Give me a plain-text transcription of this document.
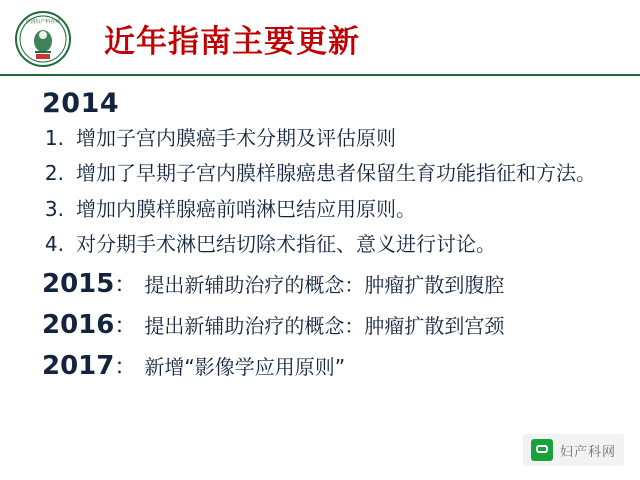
中国妇产科在线
近年指南主要更新
2014
1. 增加子宫内膜癌手术分期及评估原则
2. 增加了早期子宫内膜样腺癌患者保留生育功能指征和方法。
3. 增加内膜样腺癌前哨淋巴结应用原则。
4. 对分期手术淋巴结切除术指征、意义进行讨论。
2015 ： 提出新辅助治疗的概念：肿瘤扩散到腹腔
2016 ： 提出新辅助治疗的概念：肿瘤扩散到宫颈
2017 ： 新增“影像学应用原则”
妇产科网
